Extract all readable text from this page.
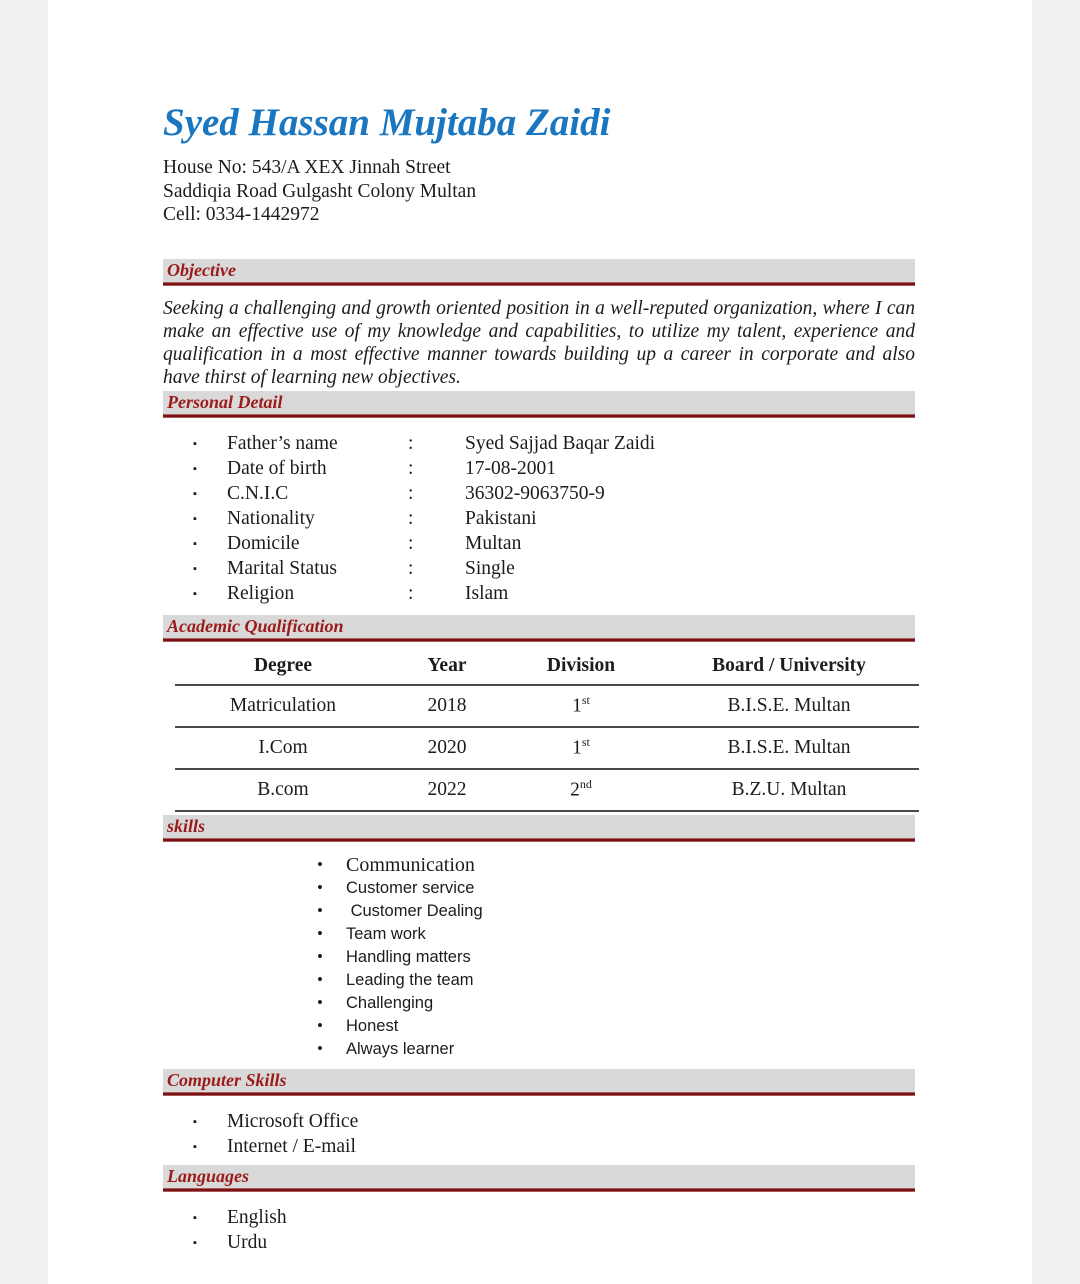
Syed Hassan Mujtaba Zaidi
House No: 543/A XEX Jinnah Street
Saddiqia Road Gulgasht Colony Multan
Cell: 0334-1442972
Objective

Seeking a challenging and growth oriented position in a well-reputed organization, where I can make an effective use of my knowledge and capabilities, to utilize my talent, experience and qualification in a most effective manner towards building up a career in corporate and also have thirst of learning new objectives.

Personal Detail
▪	Father’s name	:	Syed Sajjad Baqar Zaidi
▪	Date of birth	:	17-08-2001
▪	C.N.I.C	:	36302-9063750-9
▪	Nationality	:	Pakistani
▪	Domicile	:	Multan
▪	Marital Status	:	Single
▪	Religion	:	Islam
Academic Qualification
Degree	Year	Division	Board / University
Matriculation	2018	1st	B.I.S.E. Multan
I.Com	2020	1st	B.I.S.E. Multan
B.com	2022	2nd	B.Z.U. Multan
skills
•	Communication
•	Customer service
•	Customer Dealing
•	Team work
•	Handling matters
•	Leading the team
•	Challenging
•	Honest
•	Always learner
Computer Skills
▪	Microsoft Office
▪	Internet / E-mail
Languages
▪	English
▪	Urdu
